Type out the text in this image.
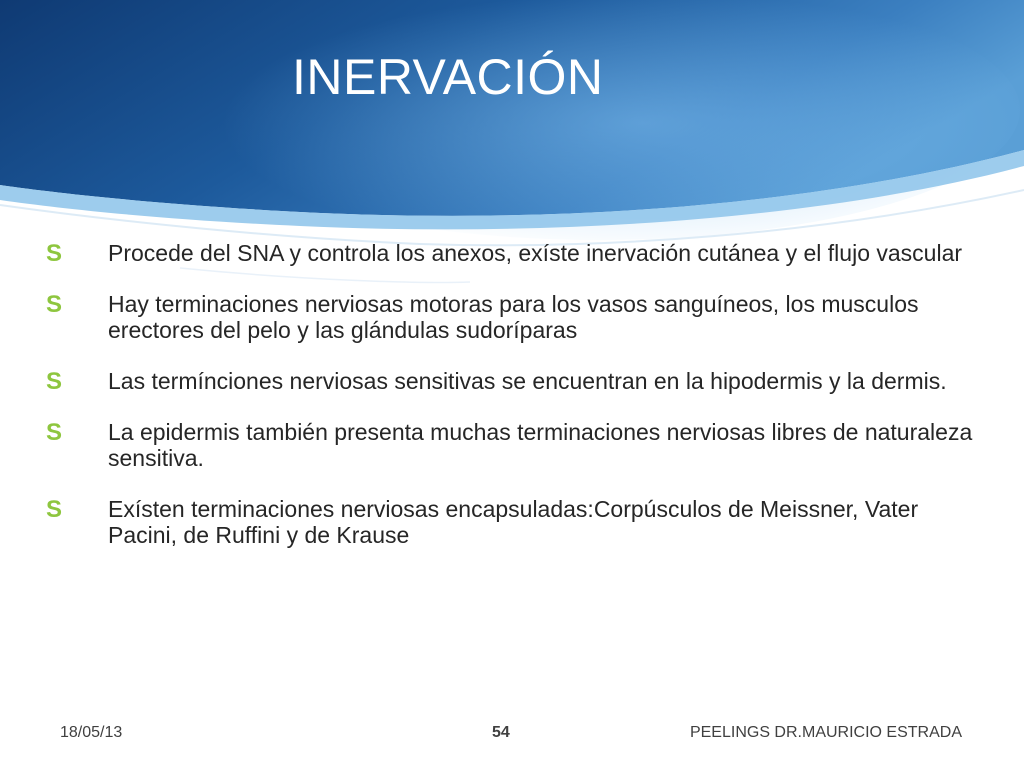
INERVACIÓN
S Procede del SNA y controla los anexos, exíste inervación cutánea y el flujo vascular
S Hay terminaciones nerviosas motoras para los vasos sanguíneos, los musculos erectores del pelo y las glándulas sudoríparas
S Las termínciones nerviosas sensitivas se encuentran en la hipodermis y la dermis.
S La epidermis también presenta muchas terminaciones nerviosas libres de naturaleza sensitiva.
S Exísten terminaciones nerviosas encapsuladas:Corpúsculos de Meissner, Vater Pacini, de Ruffini y de Krause
18/05/13	54	PEELINGS DR.MAURICIO ESTRADA
